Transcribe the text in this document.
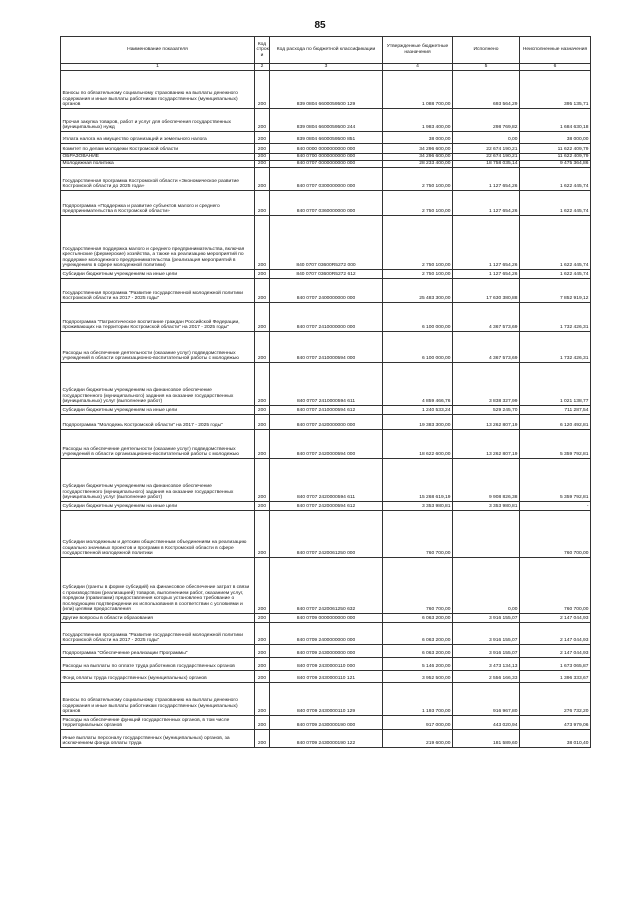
85
Наименование показателя	Код строк и	Код расхода по бюджетной классификации	Утвержденные бюджетные назначения	Исполнено	Неисполненные назначения
1	2	3	4	5	6
Взносы по обязательному социальному страхованию на выплаты денежного содержания и иные выплаты работникам государственных (муниципальных) органов	200	839 0804 6600059500 129	1 088 700,00	693 564,29	395 135,71
Прочая закупка товаров, работ и услуг для обеспечения государственных (муниципальных) нужд	200	839 0804 6600059500 244	1 983 400,00	298 769,82	1 684 630,18
Уплата налога на имущество организаций и земельного налога	200	839 0804 6600059500 851	38 000,00	0,00	38 000,00
Комитет по делам молодежи Костромской области	200	840 0000 0000000000 000	34 296 600,00	22 674 190,21	11 622 409,79
ОБРАЗОВАНИЕ	200	840 0700 0000000000 000	34 296 600,00	22 674 190,21	11 622 409,79
Молодежная политика	200	840 0707 0000000000 000	28 233 400,00	18 758 035,14	9 475 364,86
Государственная программа Костромской области «Экономическое развитие Костромской области до 2025 года»	200	840 0707 0300000000 000	2 750 100,00	1 127 654,26	1 622 445,74
Подпрограмма «Поддержка и развитие субъектов малого и среднего предпринимательства в Костромской области»	200	840 0707 0360000000 000	2 750 100,00	1 127 654,26	1 622 445,74
Государственная поддержка малого и среднего предпринимательства, включая крестьянские (фермерские) хозяйства, а также на реализацию мероприятий по поддержке молодежного предпринимательства (реализация мероприятий в учреждениях в сфере молодежной политики)	200	840 0707 03600R5272 000	2 750 100,00	1 127 654,26	1 622 445,74
Субсидии бюджетным учреждениям на иные цели	200	840 0707 03600R5272 612	2 750 100,00	1 127 654,26	1 622 445,74
Государственная программа "Развитие государственной молодежной политики Костромской области на 2017 - 2025 годы"	200	840 0707 2400000000 000	25 483 300,00	17 630 380,88	7 852 919,12
Подпрограмма "Патриотическое воспитание граждан Российской Федерации, проживающих на территории Костромской области" на 2017 - 2025 годы"	200	840 0707 2410000000 000	6 100 000,00	4 367 573,69	1 732 426,31
Расходы на обеспечение деятельности (оказание услуг) подведомственных учреждений в области организационно-воспитательной работы с молодежью	200	840 0707 2410000594 000	6 100 000,00	4 367 573,69	1 732 426,31
Субсидии бюджетным учреждениям на финансовое обеспечение государственного (муниципального) задания на оказание государственных (муниципальных) услуг (выполнение работ)	200	840 0707 2410000594 611	4 859 466,76	3 838 327,99	1 021 138,77
Субсидии бюджетным учреждениям на иные цели	200	840 0707 2410000594 612	1 240 533,24	529 245,70	711 287,54
Подпрограмма "Молодежь Костромской области" на 2017 - 2025 годы"	200	840 0707 2420000000 000	19 383 300,00	13 262 807,19	6 120 492,81
Расходы на обеспечение деятельности (оказание услуг) подведомственных учреждений в области организационно-воспитательной работы с молодежью	200	840 0707 2420000594 000	18 622 600,00	13 262 807,19	5 359 792,81
Субсидии бюджетным учреждениям на финансовое обеспечение государственного (муниципального) задания на оказание государственных (муниципальных) услуг (выполнение работ)	200	840 0707 2420000594 611	15 268 619,19	9 908 826,38	5 359 792,81
Субсидии бюджетным учреждениям на иные цели	200	840 0707 2420000594 612	3 353 980,81	3 353 980,81	-
Субсидии молодежным и детским общественным объединениям на реализацию социально значимых проектов и программ в Костромской области в сфере государственной молодежной политики	200	840 0707 2420061250 000	760 700,00		760 700,00
Субсидии (гранты в форме субсидий) на финансовое обеспечение затрат в связи с производством (реализацией) товаров, выполнением работ, оказанием услуг, порядком (правилами) предоставления которых установлено требование о последующем подтверждении их использования в соответствии с условиями и (или) целями предоставления	200	840 0707 2420061250 632	760 700,00	0,00	760 700,00
Другие вопросы в области образования	200	840 0709 0000000000 000	6 063 200,00	3 916 155,07	2 147 044,93
Государственная программа "Развитие государственной молодежной политики Костромской области на 2017 - 2025 годы"	200	840 0709 2400000000 000	6 063 200,00	3 916 155,07	2 147 044,93
Подпрограмма "Обеспечение реализации Программы"	200	840 0709 2430000000 000	6 063 200,00	3 916 155,07	2 147 044,93
Расходы на выплаты по оплате труда работников государственных органов	200	840 0709 2430000110 000	5 146 200,00	3 473 134,13	1 673 065,87
Фонд оплаты труда государственных (муниципальных) органов	200	840 0709 2430000110 121	3 952 500,00	2 556 166,33	1 396 333,67
Взносы по обязательному социальному страхованию на выплаты денежного содержания и иные выплаты работникам государственных (муниципальных) органов	200	840 0709 2430000110 129	1 193 700,00	916 967,80	276 732,20
Расходы на обеспечение функций государственных органов, в том числе территориальных органов	200	840 0709 2430000190 000	917 000,00	443 020,94	473 979,06
Иные выплаты персоналу государственных (муниципальных) органов, за исключением фонда оплаты труда	200	840 0709 2430000190 122	219 600,00	181 589,60	38 010,40
